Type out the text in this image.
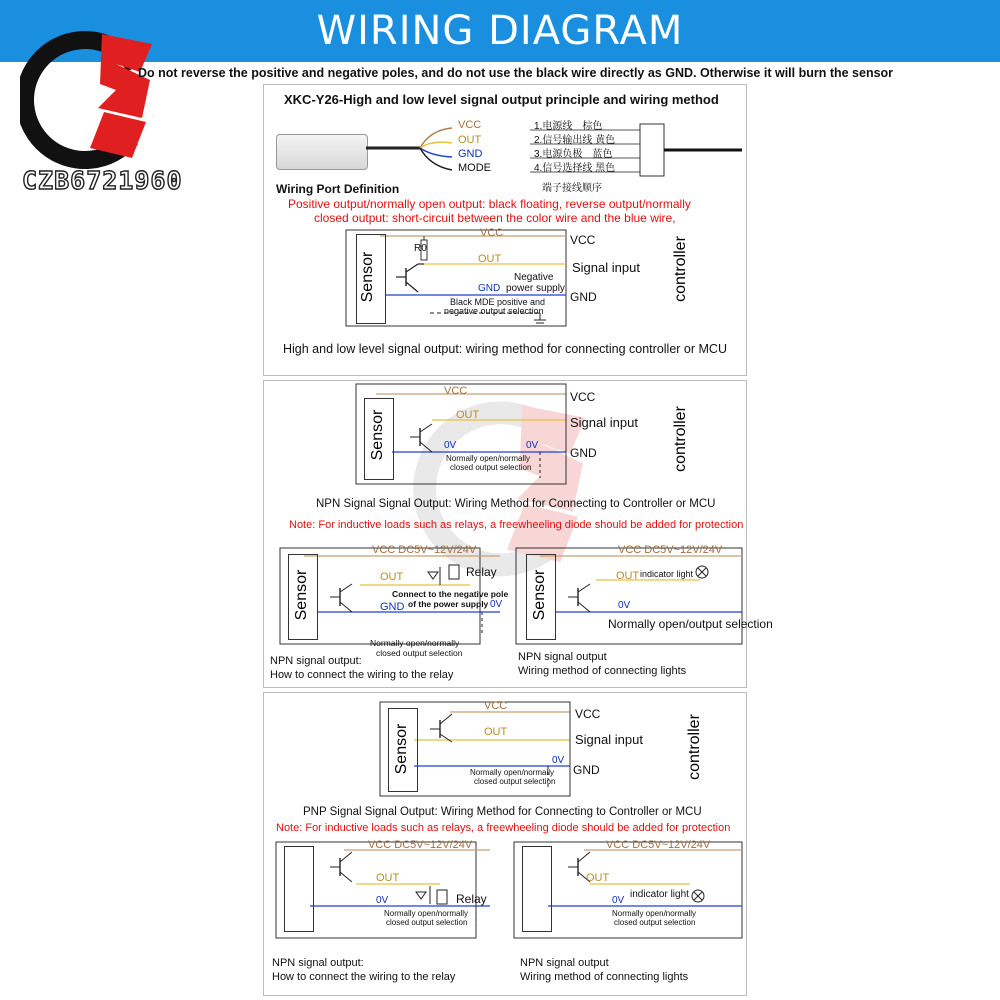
WIRING DIAGRAM
CZB6721960
Do not reverse the positive and negative poles, and do not use the black wire directly as GND. Otherwise it will burn the sensor
XKC-Y26-High and low level signal output principle and wiring method
VCC
OUT
GND
MODE
1.电源线　棕色
2.信号输出线 黄色
3.电源负极　蓝色
4.信号选择线 黑色
端子接线顺序
Wiring Port Definition
Positive output/normally open output: black floating, reverse output/normally
closed output: short-circuit between the color wire and the blue wire,
Sensor
R0
VCC
OUT
GND
Negative
power supply
Black MDE positive and
negative output selection
VCC
Signal input
GND	controller
High and low level signal output: wiring method for connecting controller or MCU
Sensor
VCC
OUT
0V	0V
Normally open/normally
closed output selection
VCC
Signal input
GND	controller
NPN Signal Signal Output: Wiring Method for Connecting to Controller or MCU
Note: For inductive loads such as relays, a freewheeling diode should be added for protection
Sensor
VCC DC5V~12V/24V
OUT	Relay
Connect to the negative pole
of the power supply
GND	0V
Normally open/normally
closed output selection
NPN signal output:
How to connect the wiring to the relay
Sensor
VCC DC5V~12V/24V
OUT indicator light
0V
Normally open/output selection
NPN signal output
Wiring method of connecting lights
Sensor
VCC
OUT
0V
Normally open/normally
closed output selection
VCC
Signal input
GND	controller
PNP Signal Signal Output: Wiring Method for Connecting to Controller or MCU
Note: For inductive loads such as relays, a freewheeling diode should be added for protection
VCC DC5V~12V/24V
OUT
Relay
0V
Normally open/normally
closed output selection
NPN signal output:
How to connect the wiring to the relay
VCC DC5V~12V/24V
OUT
indicator light
0V
Normally open/normally
closed output selection
NPN signal output
Wiring method of connecting lights
